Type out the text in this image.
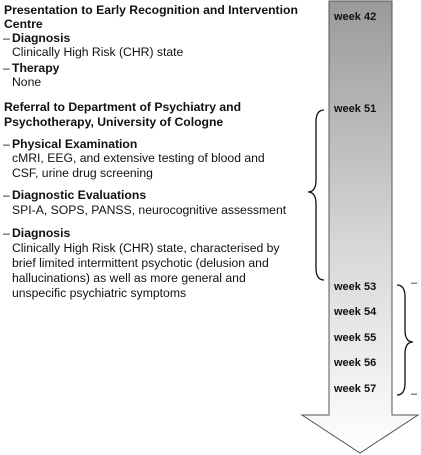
week 42
week 51
week 53
week 54
week 55
week 56
week 57
–
–
Presentation to Early Recognition and Intervention
Centre
– Diagnosis
Clinically High Risk (CHR) state
– Therapy
None
Referral to Department of Psychiatry and
Psychotherapy, University of Cologne
– Physical Examination
cMRI, EEG, and extensive testing of blood and
CSF, urine drug screening
– Diagnostic Evaluations
SPI-A, SOPS, PANSS, neurocognitive assessment
– Diagnosis
Clinically High Risk (CHR) state, characterised by
brief limited intermittent psychotic (delusion and
hallucinations) as well as more general and
unspecific psychiatric symptoms
